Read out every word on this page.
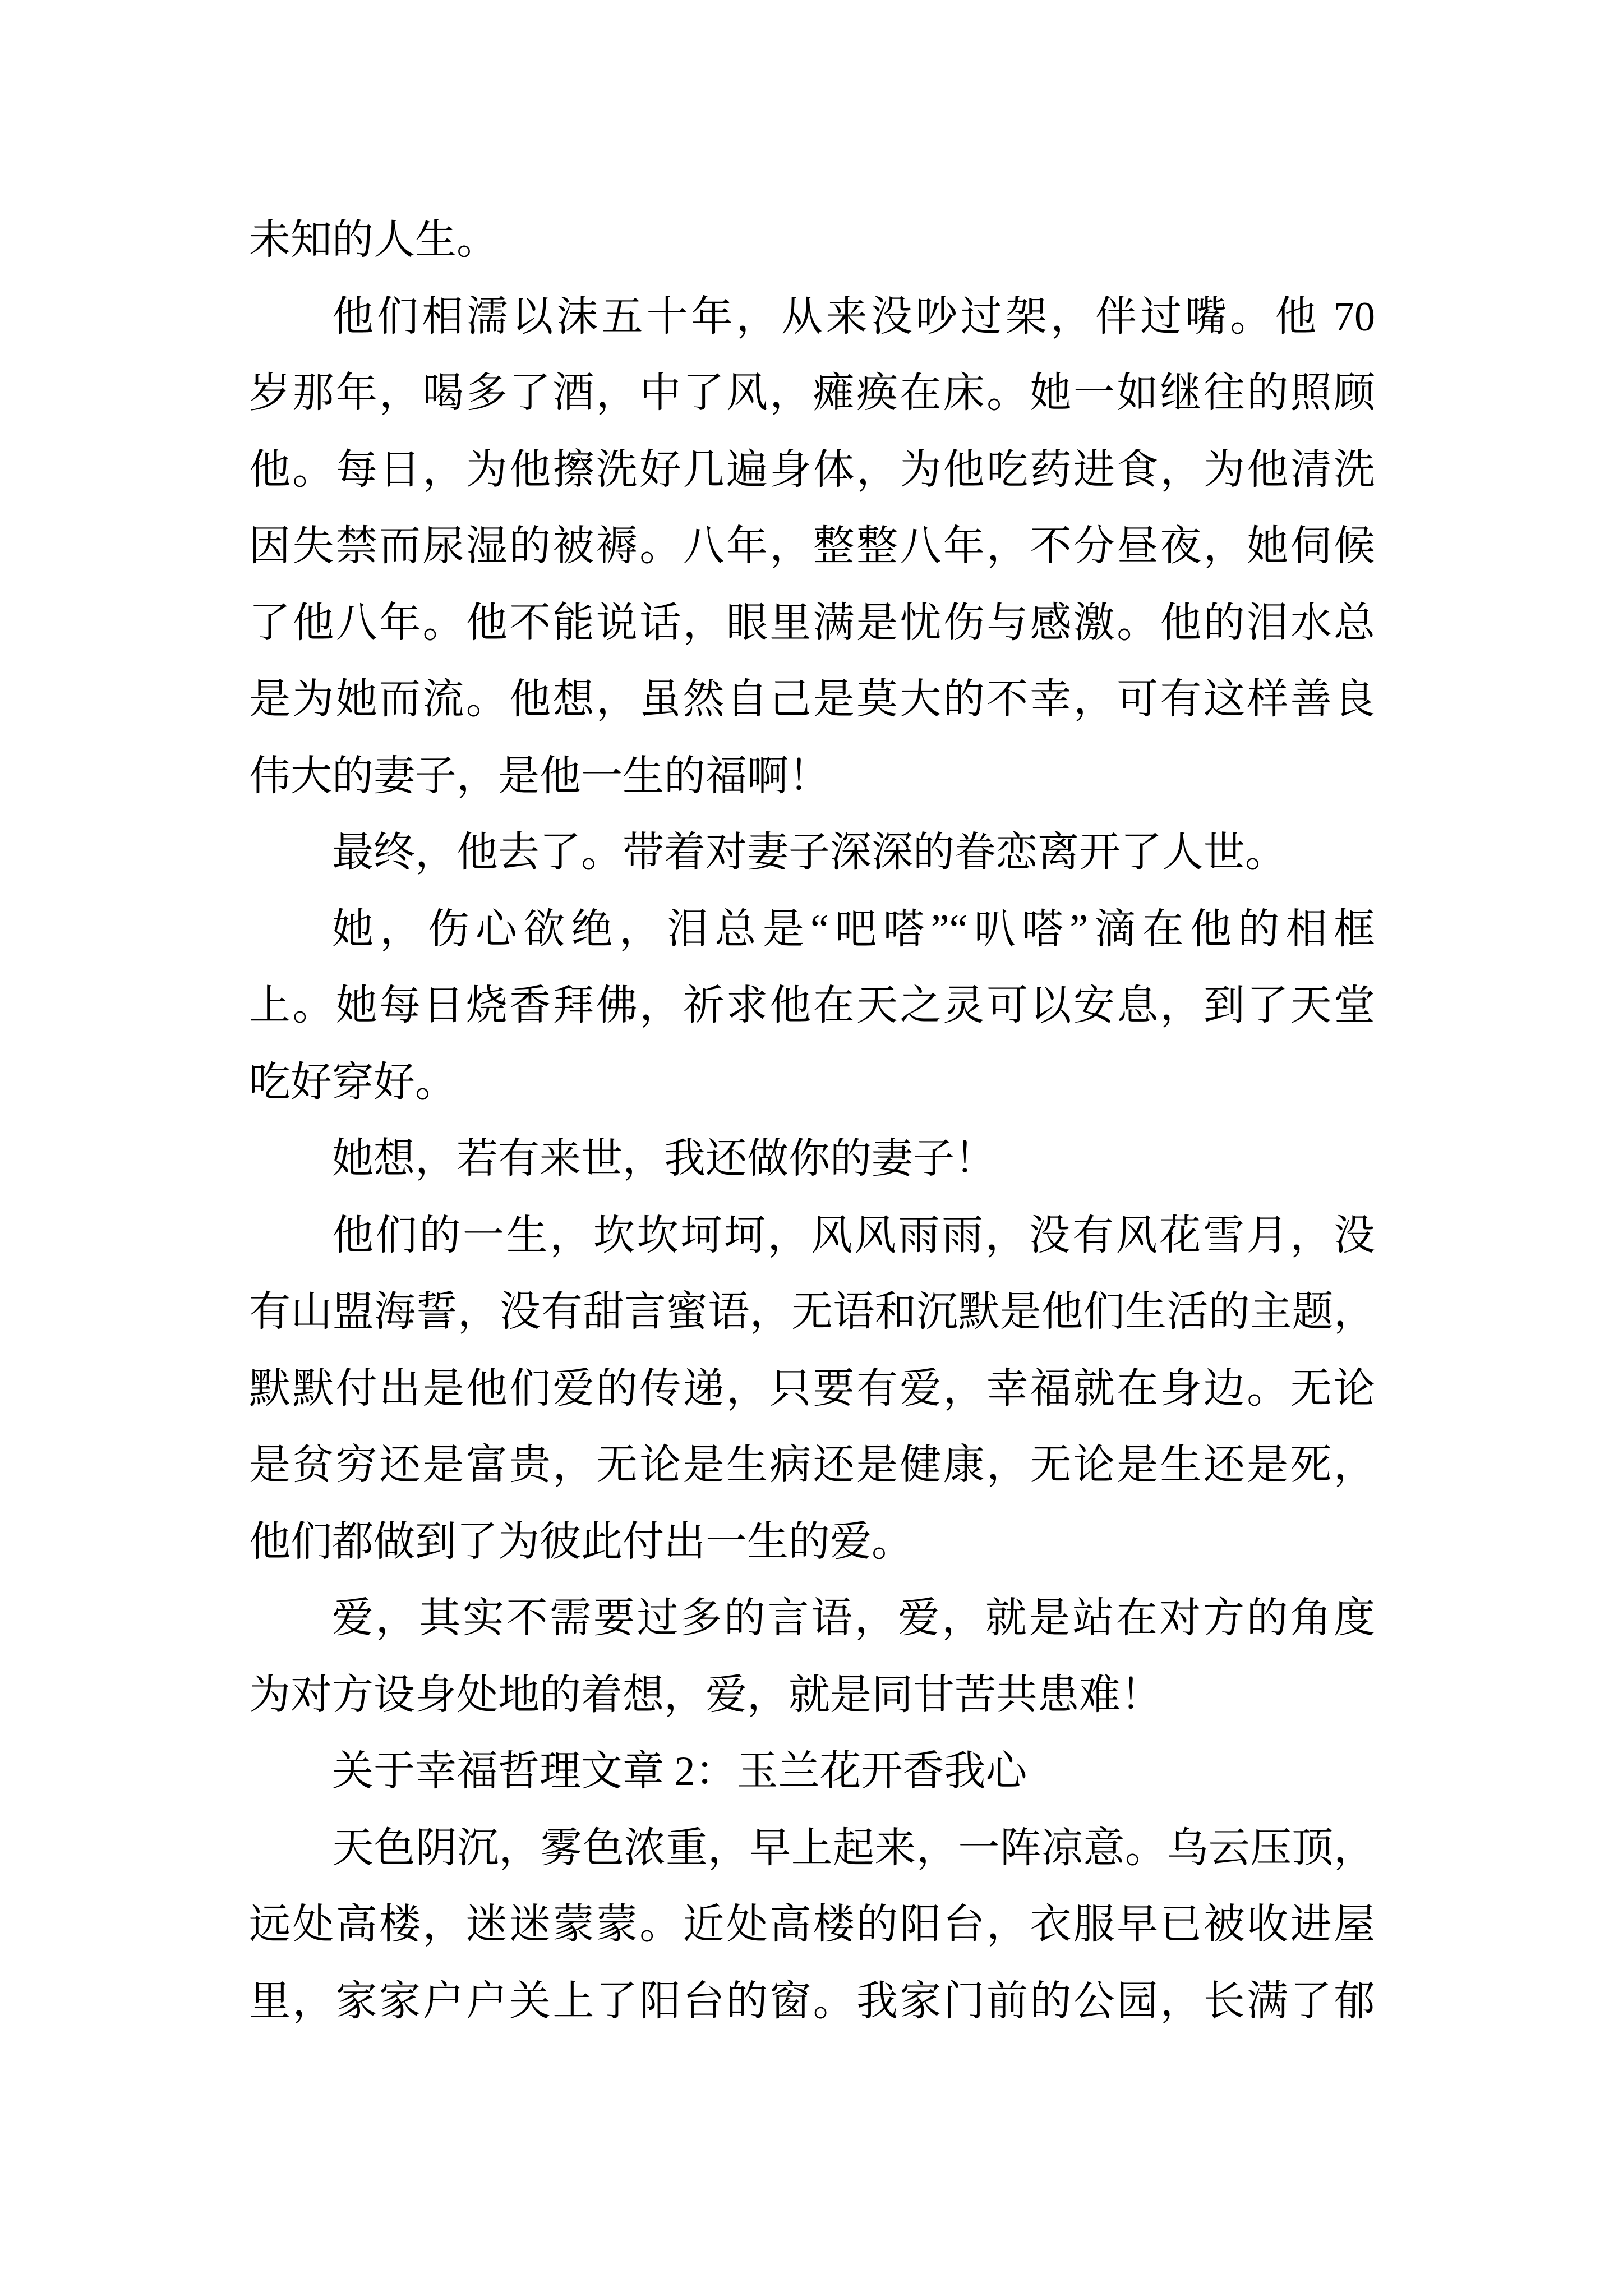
未知的人生。
他们相濡以沫五十年，从来没吵过架，伴过嘴。他 70
岁那年，喝多了酒，中了风，瘫痪在床。她一如继往的照顾
他。每日，为他擦洗好几遍身体，为他吃药进食，为他清洗
因失禁而尿湿的被褥。八年，整整八年，不分昼夜，她伺候
了他八年。他不能说话，眼里满是忧伤与感激。他的泪水总
是为她而流。他想，虽然自己是莫大的不幸，可有这样善良
伟大的妻子，是他一生的福啊！
最终，他去了。带着对妻子深深的眷恋离开了人世。
她，伤心欲绝，泪总是“吧嗒”“叭嗒”滴在他的相框
上。她每日烧香拜佛，祈求他在天之灵可以安息，到了天堂
吃好穿好。
她想，若有来世，我还做你的妻子！
他们的一生，坎坎坷坷，风风雨雨，没有风花雪月，没
有山盟海誓，没有甜言蜜语，无语和沉默是他们生活的主题，
默默付出是他们爱的传递，只要有爱，幸福就在身边。无论
是贫穷还是富贵，无论是生病还是健康，无论是生还是死，
他们都做到了为彼此付出一生的爱。
爱，其实不需要过多的言语，爱，就是站在对方的角度
为对方设身处地的着想，爱，就是同甘苦共患难！
关于幸福哲理文章 2：玉兰花开香我心
天色阴沉，雾色浓重，早上起来，一阵凉意。乌云压顶，
远处高楼，迷迷蒙蒙。近处高楼的阳台，衣服早已被收进屋
里，家家户户关上了阳台的窗。我家门前的公园，长满了郁
